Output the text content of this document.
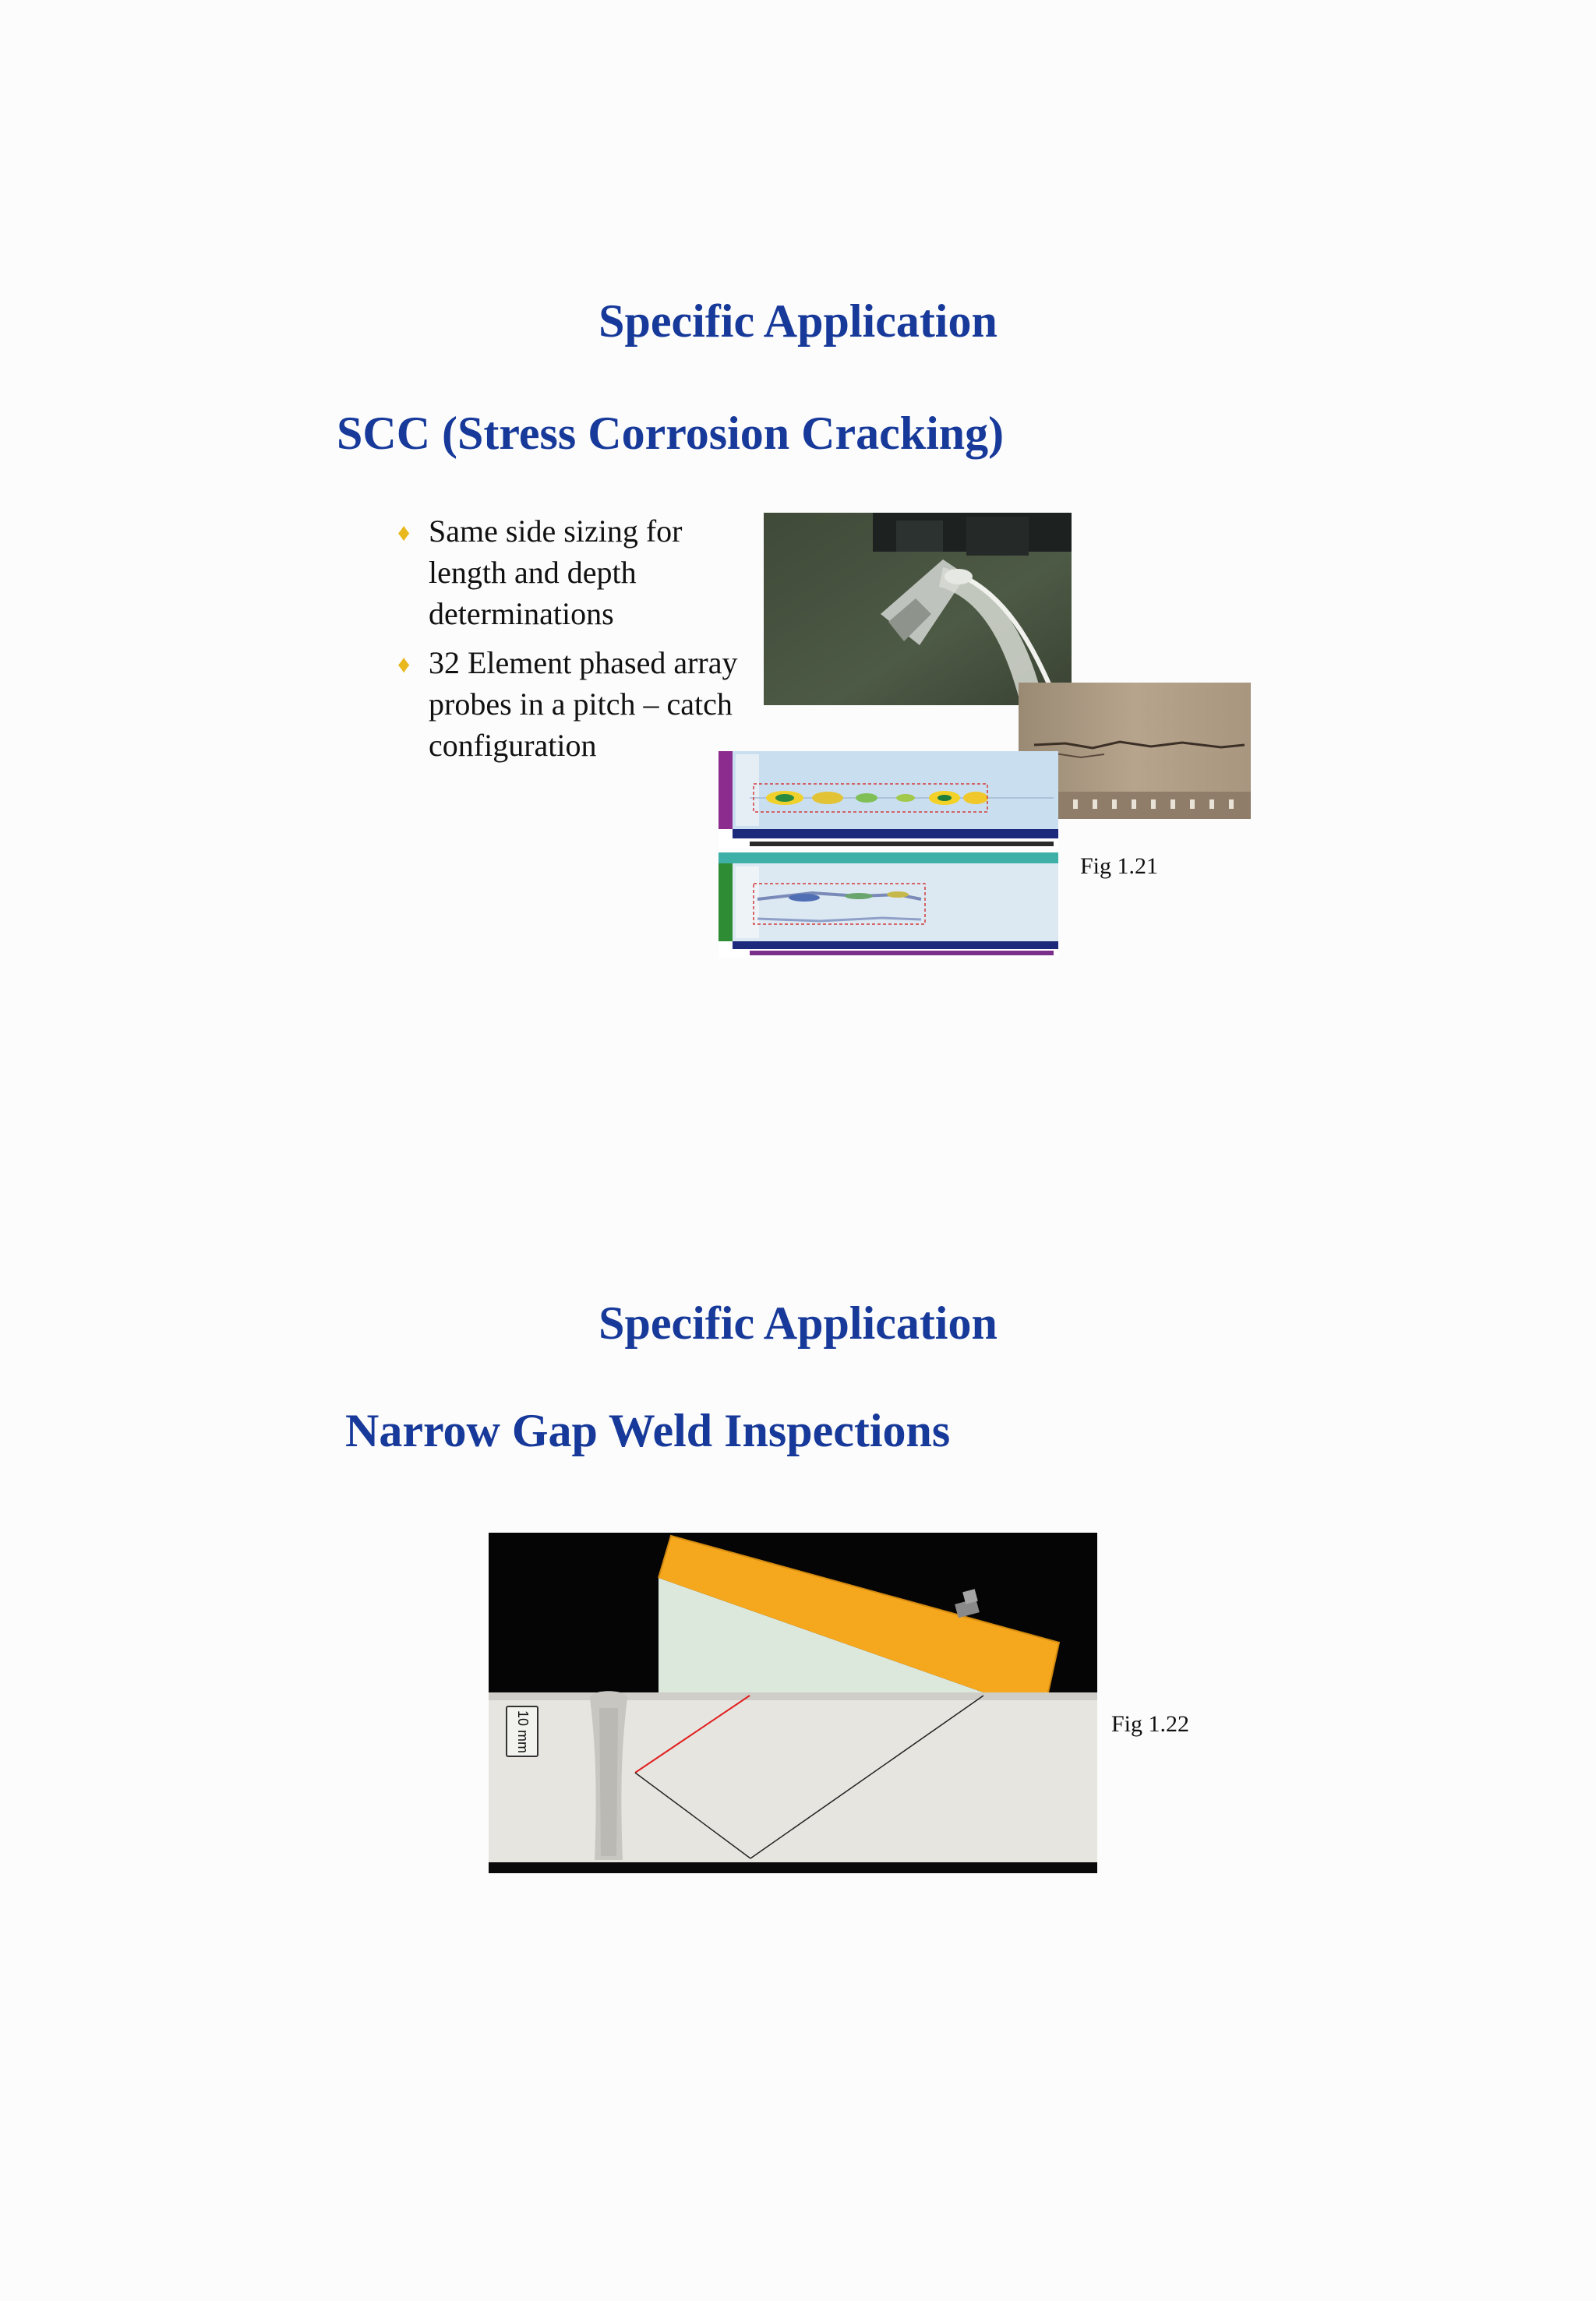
Specific Application
SCC (Stress Corrosion Cracking)
♦ Same side sizing for length and depth determinations
♦ 32 Element phased array probes in a pitch – catch configuration
Fig 1.21
Specific Application
Narrow Gap Weld Inspections
10 mm	Fig 1.22
